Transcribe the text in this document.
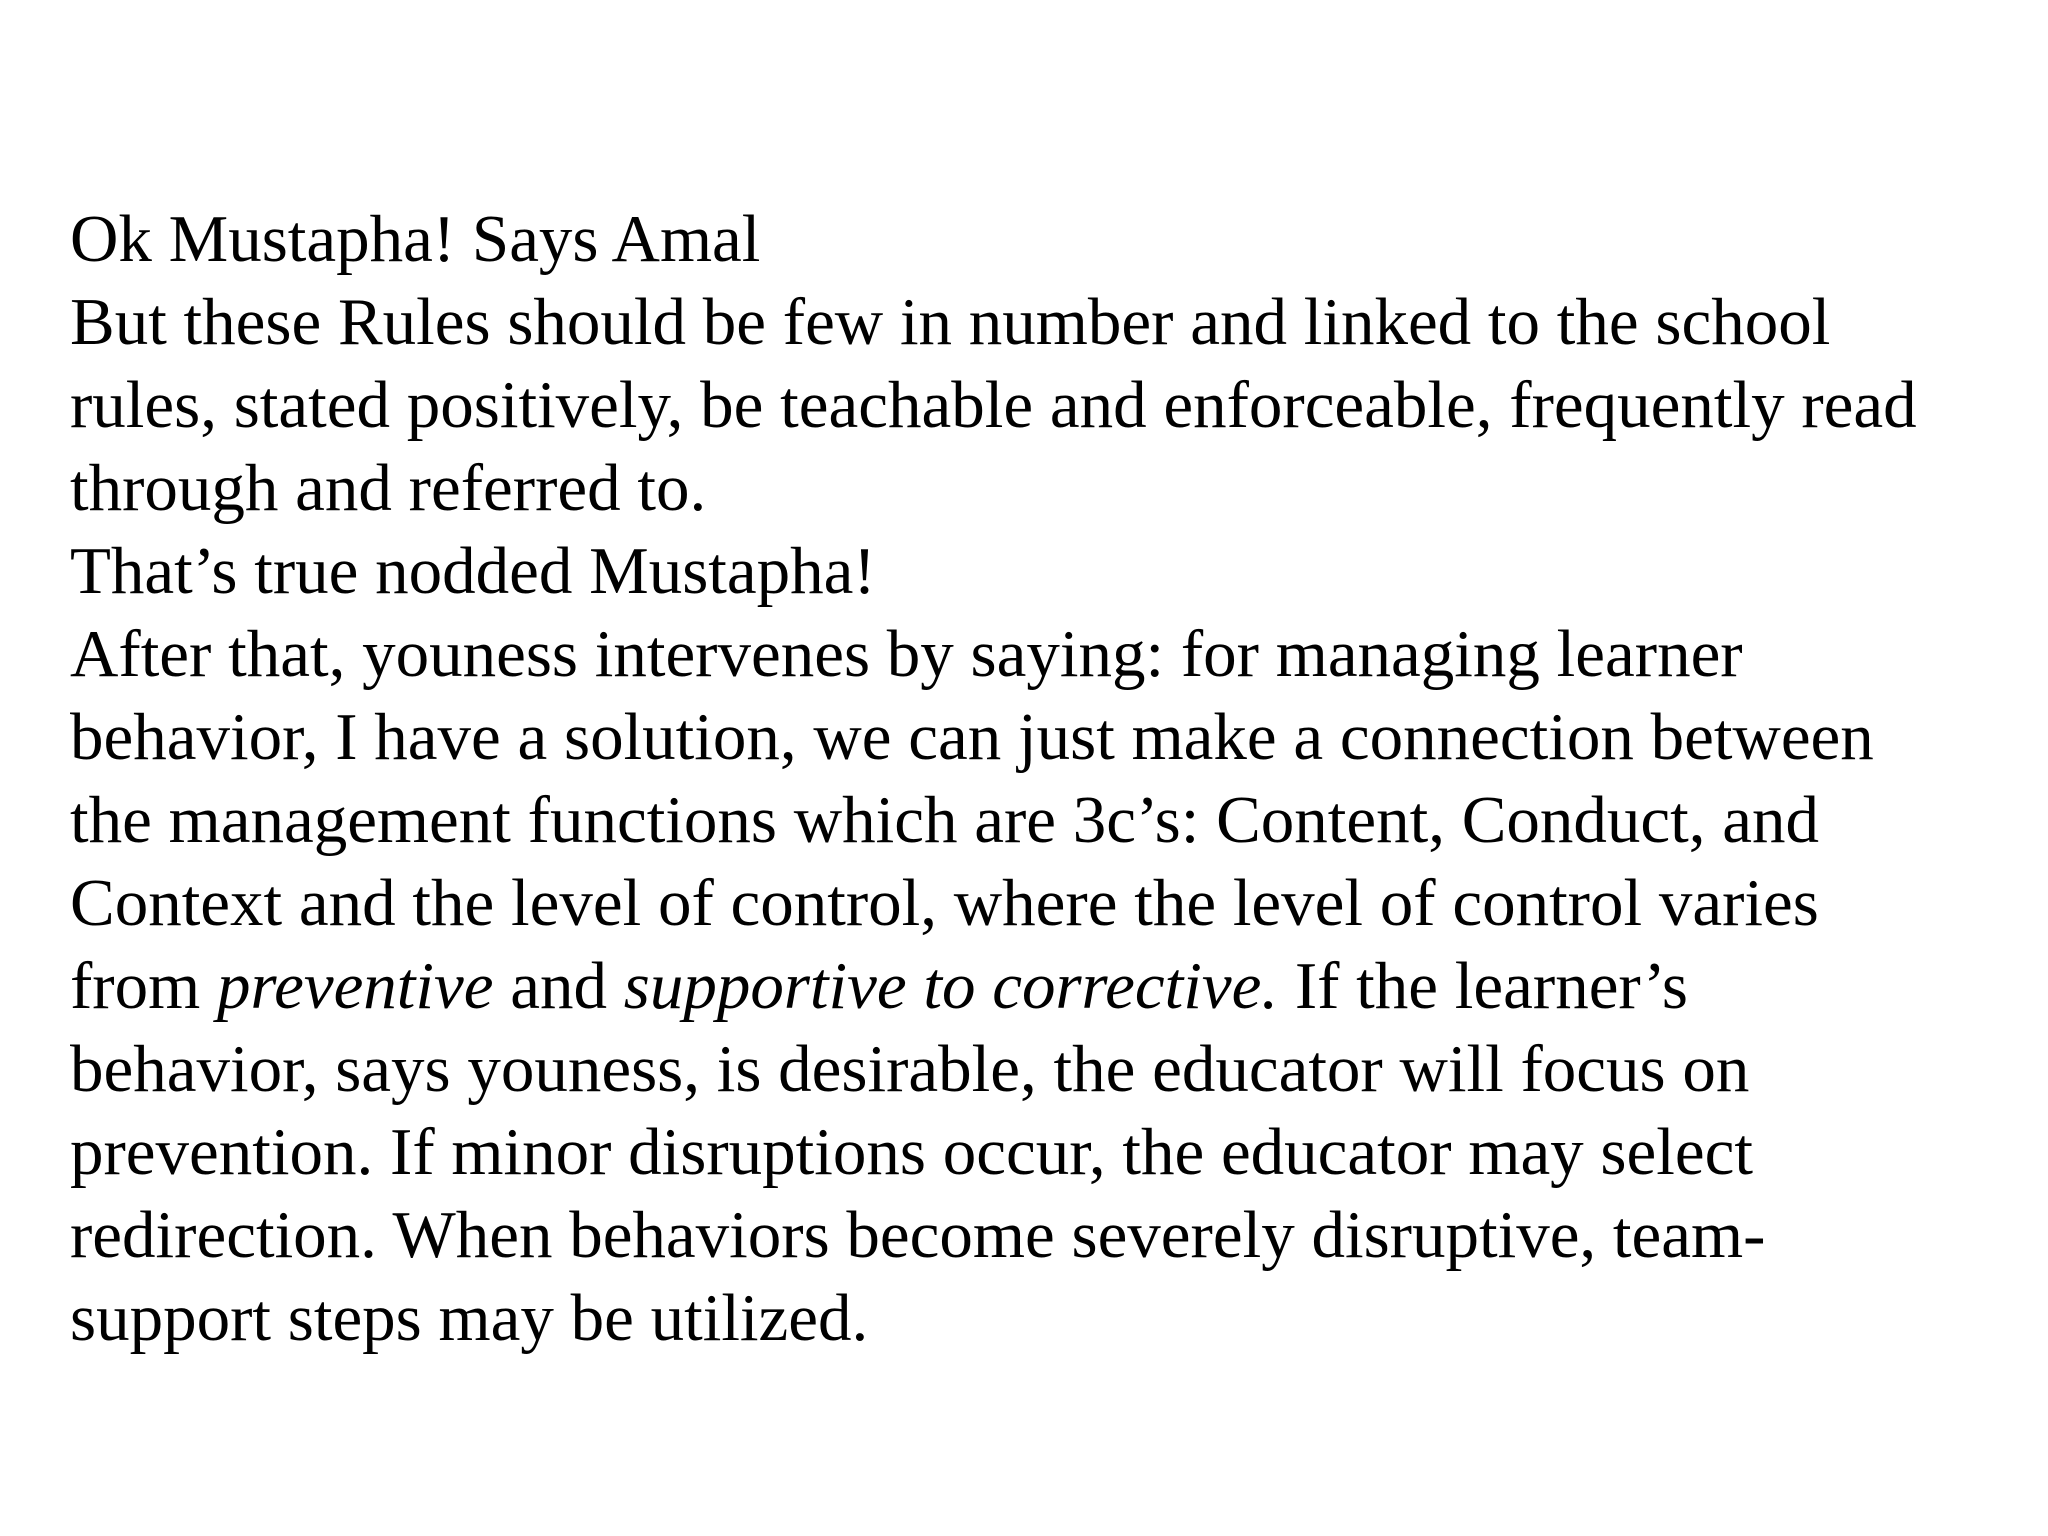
Ok Mustapha! Says Amal
But these Rules should be few in number and linked to the school
rules, stated positively, be teachable and enforceable, frequently read
through and referred to.
That’s true nodded Mustapha!
After that, youness intervenes by saying: for managing learner
behavior, I have a solution, we can just make a connection between
the management functions which are 3c’s: Content, Conduct, and
Context and the level of control, where the level of control varies
from preventive and supportive to corrective. If the learner’s
behavior, says youness, is desirable, the educator will focus on
prevention. If minor disruptions occur, the educator may select
redirection. When behaviors become severely disruptive, team-
support steps may be utilized.
